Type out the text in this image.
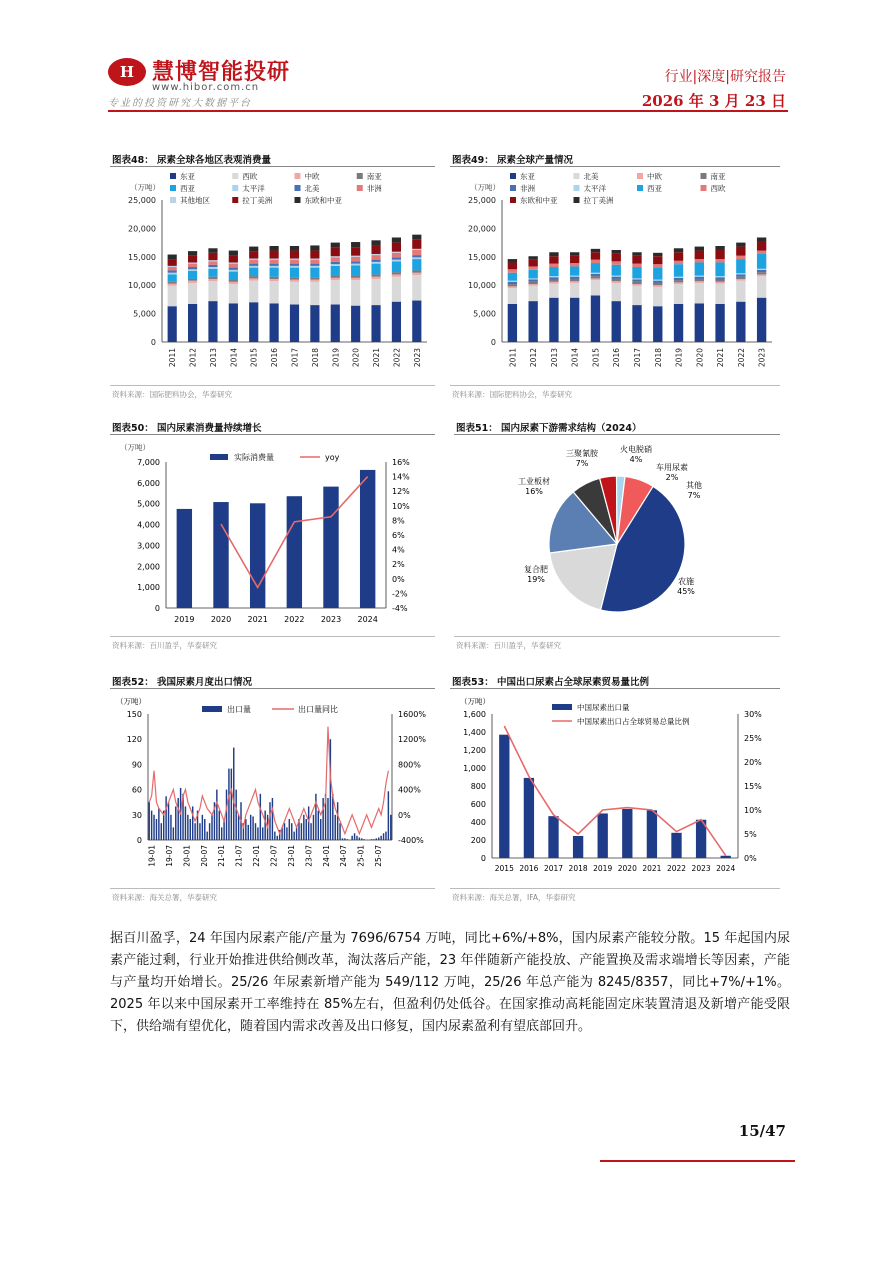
H 慧博智能投研
www.hibor.com.cn
专业的投资研究大数据平台
行业|深度|研究报告
2026 年 3 月 23 日
图表48： 尿素全球各地区表观消费量
（万吨）
0
5,000
10,000
15,000
20,000
25,000
2011 2012 2013 2014 2015 2016 2017 2018 2019 2020 2021 2022 2023
东亚	西欧	中欧	南亚
西亚	太平洋	北美	非洲
其他地区	拉丁美洲	东欧和中亚
资料来源：国际肥料协会，华泰研究
图表49： 尿素全球产量情况
（万吨）
0
5,000
10,000
15,000
20,000
25,000
2011 2012 2013 2014 2015 2016 2017 2018 2019 2020 2021 2022 2023
东亚	北美	中欧	南亚
非洲	太平洋	西亚	西欧
东欧和中亚	拉丁美洲
资料来源：国际肥料协会，华泰研究
图表50： 国内尿素消费量持续增长
（万吨）
0
1,000
2,000
3,000
4,000
5,000
6,000
7,000
-4%
-2%
0%
2%
4%
6%
8%
10%
12%
14%
16%
2019 2020 2021 2022 2023 2024
实际消费量	yoy
资料来源：百川盈孚，华泰研究
图表51： 国内尿素下游需求结构（2024）
农施
45%
复合肥
19%
工业板材
16%
三聚氰胺
7%
火电脱硝
4%
车用尿素
2%
其他
7%
资料来源：百川盈孚，华泰研究
图表52： 我国尿素月度出口情况
（万吨）
0
30
60
90
120
150
-400%
0%
400%
800%
1200%
1600%
19-01 19-07 20-01 20-07 21-01 21-07 22-01 22-07 23-01 23-07 24-01 24-07 25-01 25-07
出口量	出口量同比
资料来源：海关总署，华泰研究
图表53： 中国出口尿素占全球尿素贸易量比例
（万吨）
0
200
400
600
800
1,000
1,200
1,400
1,600
0%
5%
10%
15%
20%
25%
30%
2015 2016 2017 2018 2019 2020 2021 2022 2023 2024
中国尿素出口量
中国尿素出口占全球贸易总量比例
资料来源：海关总署，IFA，华泰研究
据百川盈孚，24 年国内尿素产能/产量为 7696/6754 万吨，同比+6%/+8%，国内尿素产能较分散。15 年起国内尿素产能过剩，行业开始推进供给侧改革，淘汰落后产能，23 年伴随新产能投放、产能置换及需求端增长等因素，产能与产量均开始增长。25/26 年尿素新增产能为 549/112 万吨，25/26 年总产能为 8245/8357，同比+7%/+1%。2025 年以来中国尿素开工率维持在 85%左右，但盈利仍处低谷。在国家推动高耗能固定床装置清退及新增产能受限下，供给端有望优化，随着国内需求改善及出口修复，国内尿素盈利有望底部回升。
15/47
